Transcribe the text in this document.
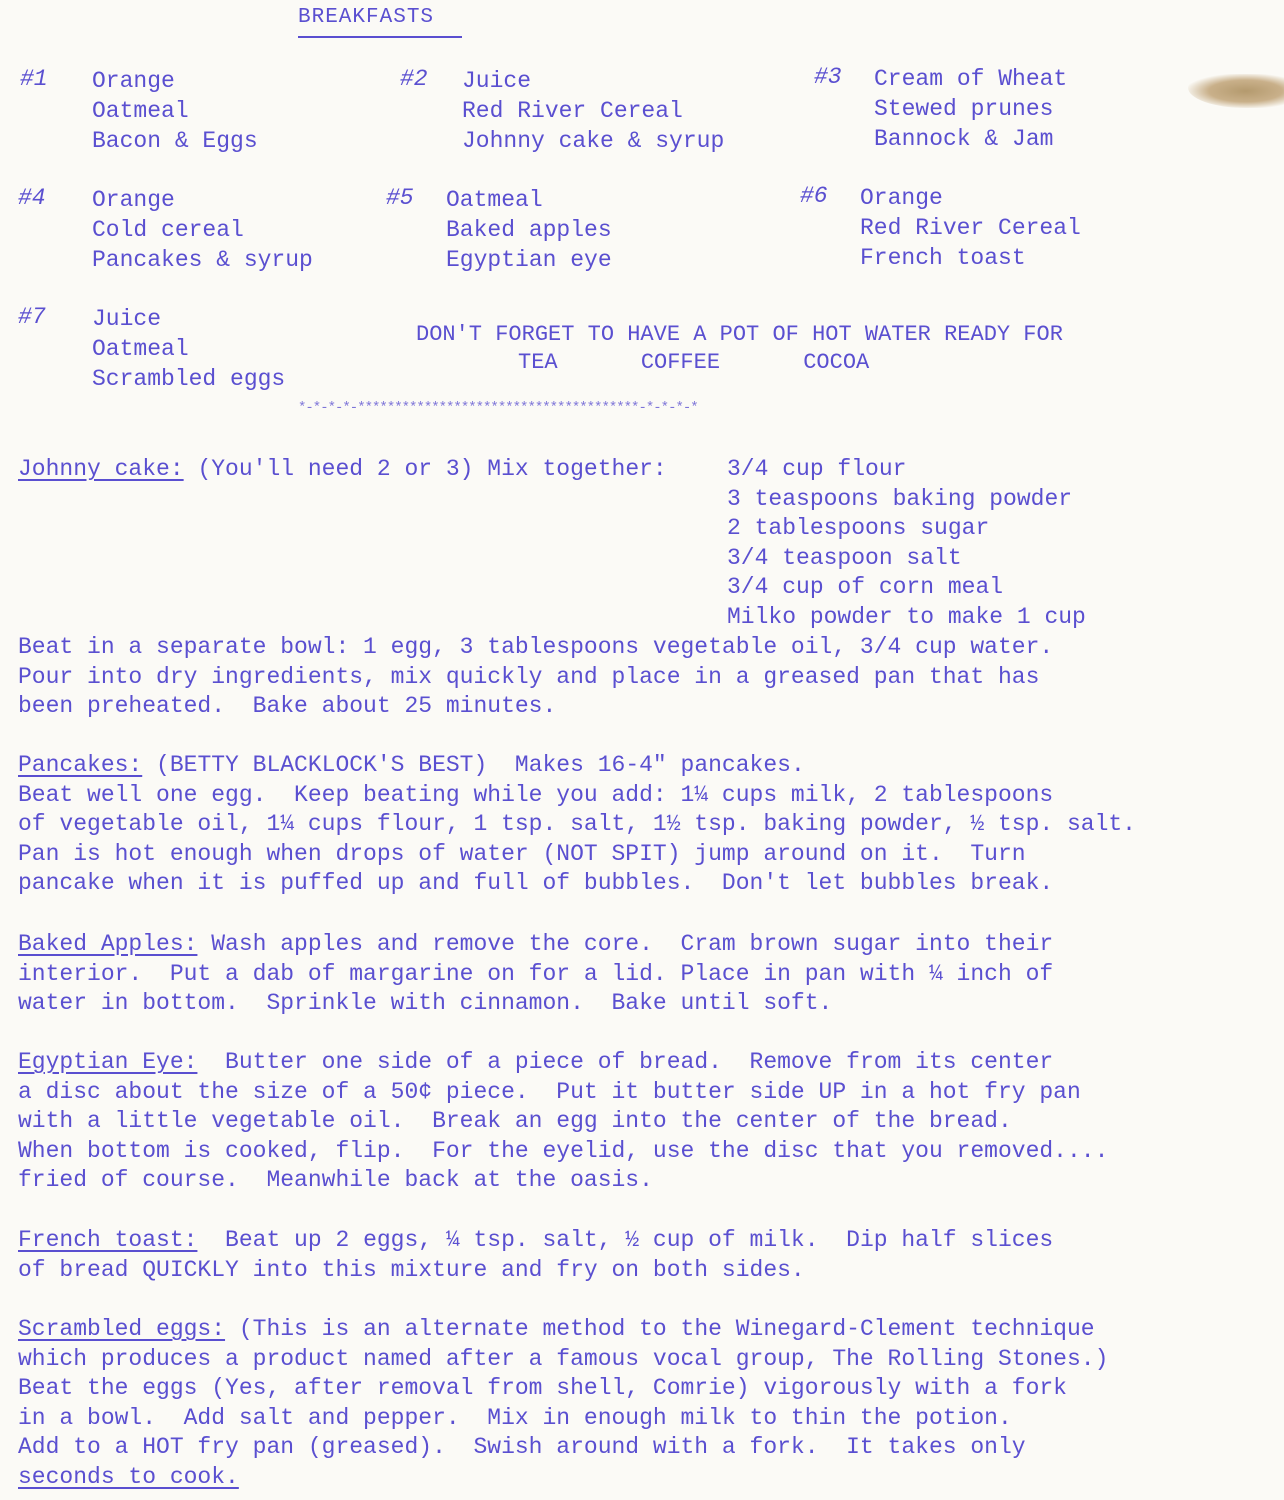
BREAKFASTS
#1 Orange
Oatmeal
Bacon & Eggs
#2 Juice
Red River Cereal
Johnny cake & syrup
#3 Cream of Wheat
Stewed prunes
Bannock & Jam
#4 Orange
Cold cereal
Pancakes & syrup
#5 Oatmeal
Baked apples
Egyptian eye
#6 Orange
Red River Cereal
French toast
#7 Juice
Oatmeal
Scrambled eggs
DON'T FORGET TO HAVE A POT OF HOT WATER READY FOR
TEA	COFFEE	COCOA
*-*-*-*-**************************************-*-*-*-*
Johnny cake: (You'll need 2 or 3) Mix together:	3/4 cup flour
3 teaspoons baking powder
2 tablespoons sugar
3/4 teaspoon salt
3/4 cup of corn meal
Milko powder to make 1 cup
Beat in a separate bowl: 1 egg, 3 tablespoons vegetable oil, 3/4 cup water.
Pour into dry ingredients, mix quickly and place in a greased pan that has
been preheated.  Bake about 25 minutes.
Pancakes: (BETTY BLACKLOCK'S BEST)  Makes 16-4" pancakes.
Beat well one egg.  Keep beating while you add: 1¼ cups milk, 2 tablespoons
of vegetable oil, 1¼ cups flour, 1 tsp. salt, 1½ tsp. baking powder, ½ tsp. salt.
Pan is hot enough when drops of water (NOT SPIT) jump around on it.  Turn
pancake when it is puffed up and full of bubbles.  Don't let bubbles break.
Baked Apples: Wash apples and remove the core.  Cram brown sugar into their
interior.  Put a dab of margarine on for a lid. Place in pan with ¼ inch of
water in bottom.  Sprinkle with cinnamon.  Bake until soft.
Egyptian Eye:  Butter one side of a piece of bread.  Remove from its center
a disc about the size of a 50¢ piece.  Put it butter side UP in a hot fry pan
with a little vegetable oil.  Break an egg into the center of the bread.
When bottom is cooked, flip.  For the eyelid, use the disc that you removed....
fried of course.  Meanwhile back at the oasis.
French toast:  Beat up 2 eggs, ¼ tsp. salt, ½ cup of milk.  Dip half slices
of bread QUICKLY into this mixture and fry on both sides.
Scrambled eggs: (This is an alternate method to the Winegard-Clement technique
which produces a product named after a famous vocal group, The Rolling Stones.)
Beat the eggs (Yes, after removal from shell, Comrie) vigorously with a fork
in a bowl.  Add salt and pepper.  Mix in enough milk to thin the potion.
Add to a HOT fry pan (greased).  Swish around with a fork.  It takes only
seconds to cook.
